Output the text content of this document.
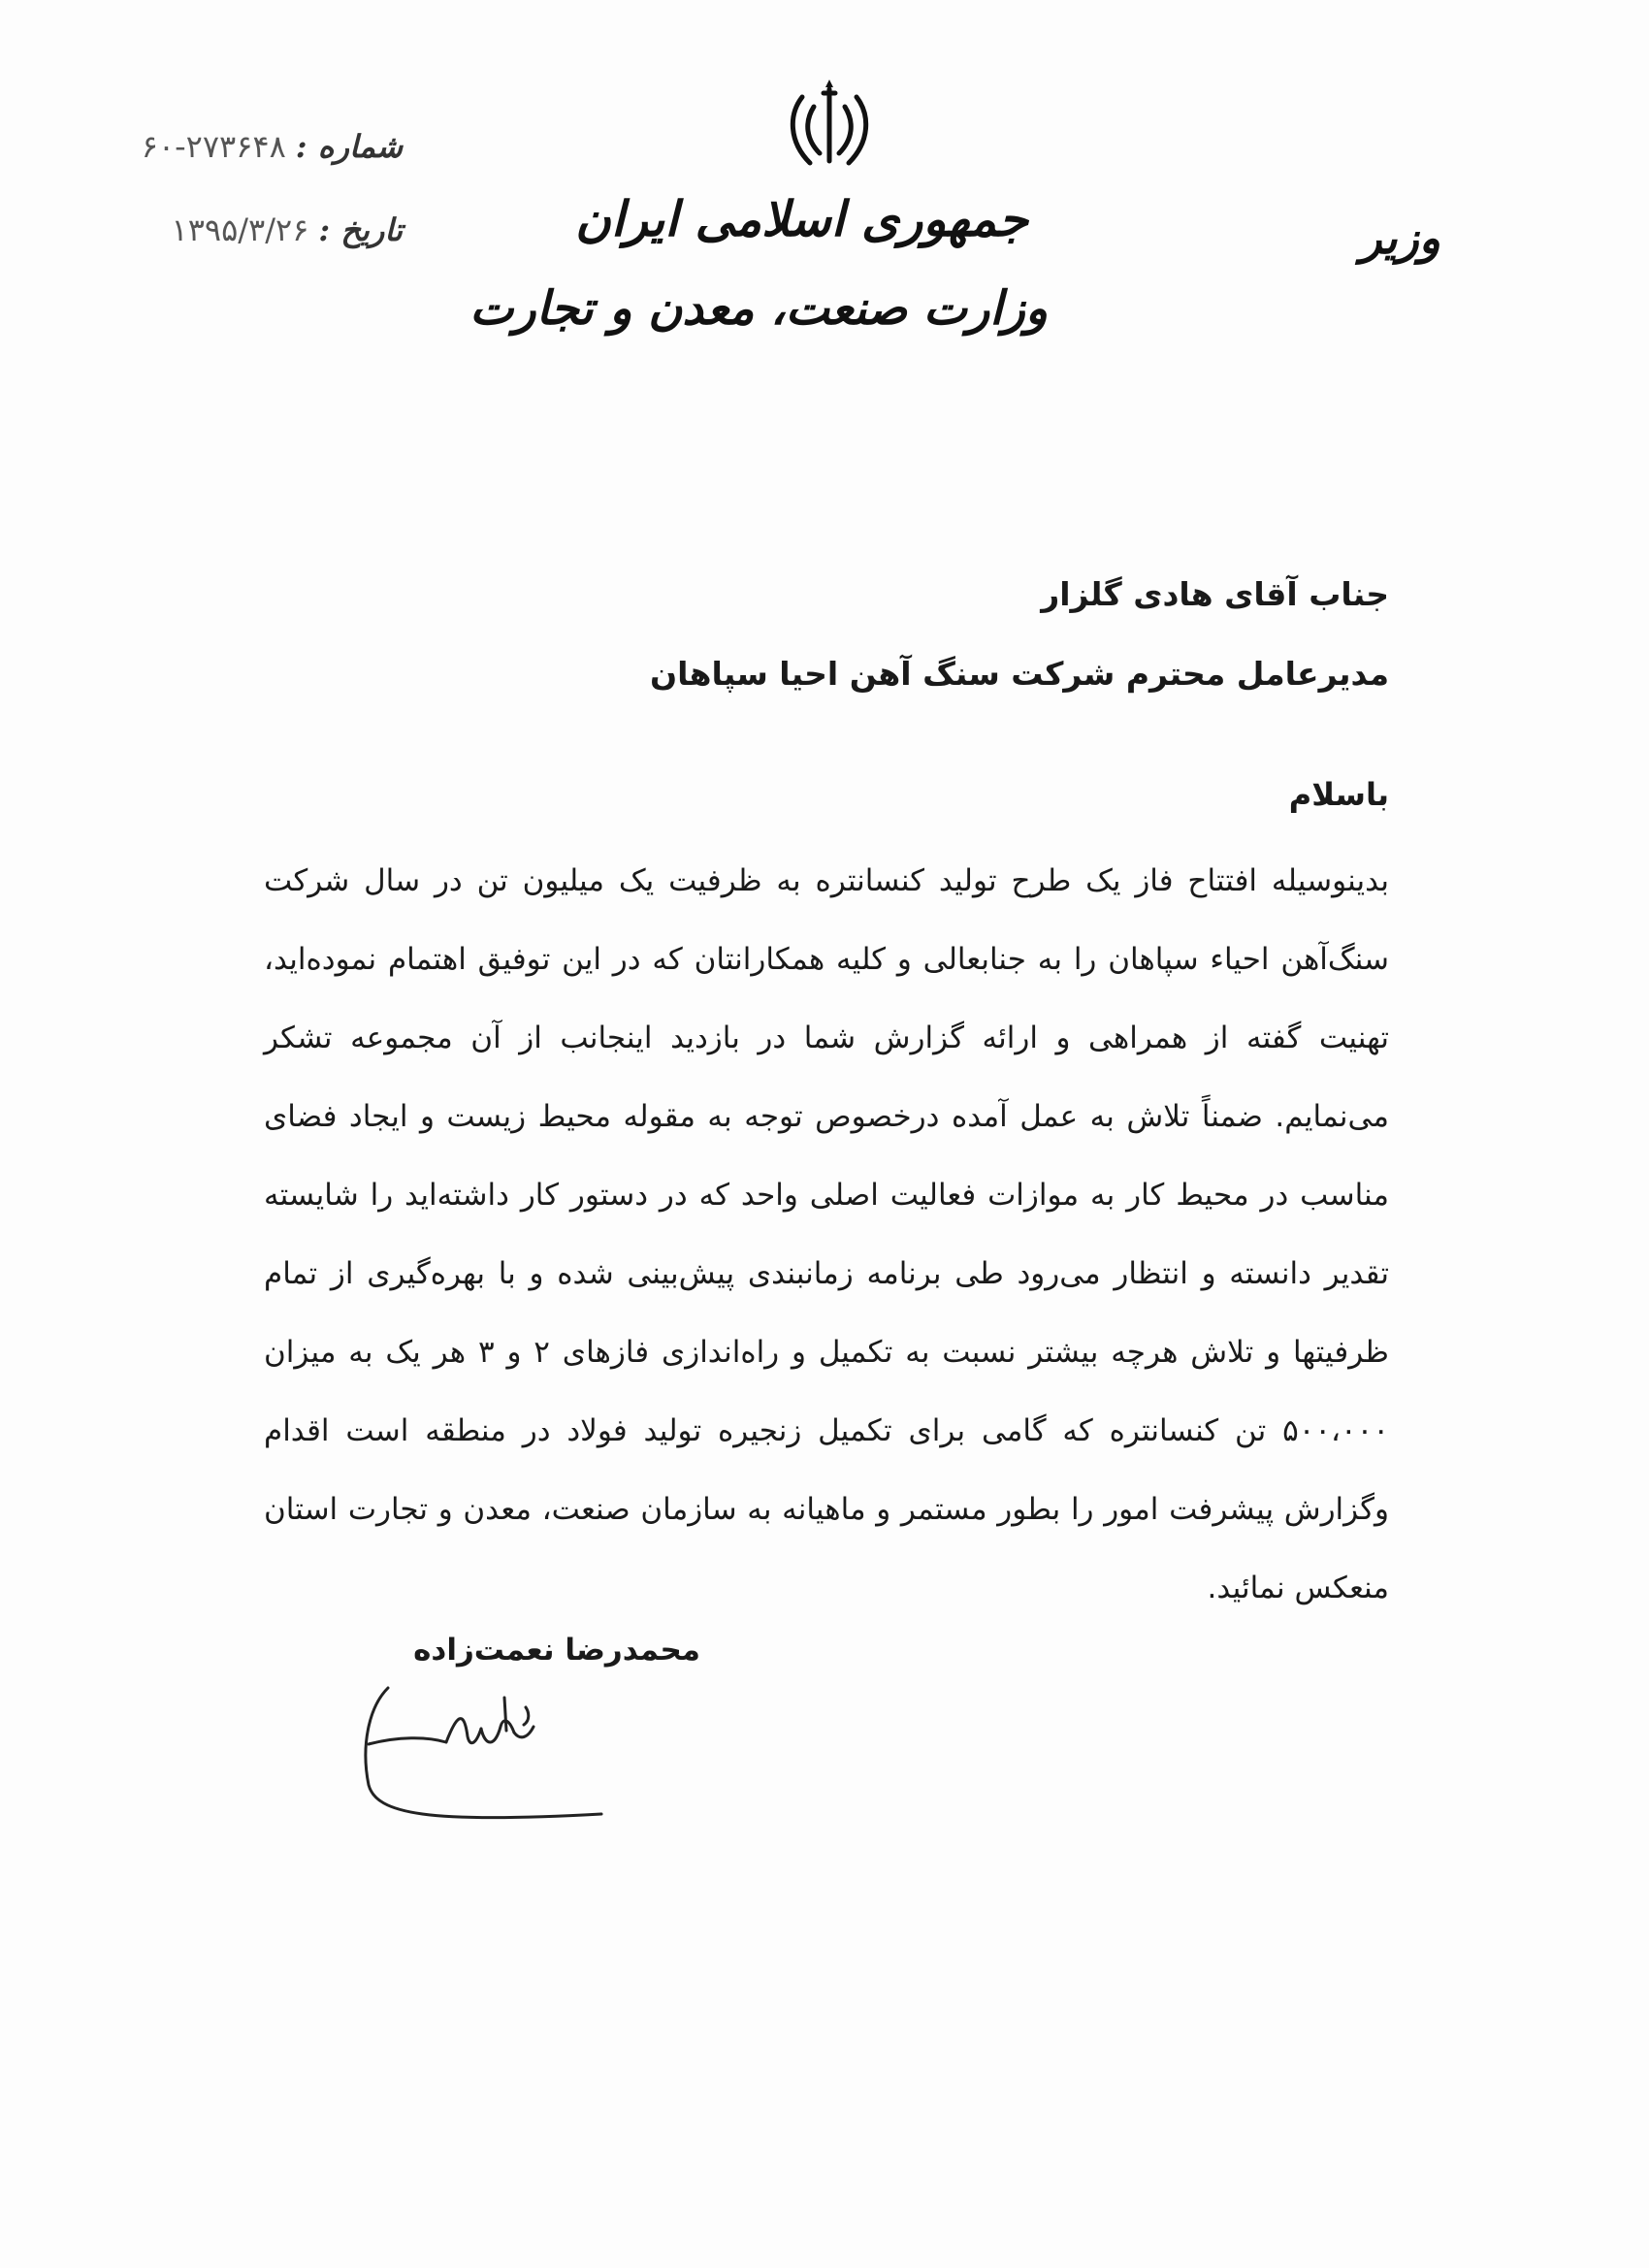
جمهوری اسلامی ایران
وزارت صنعت، معدن و تجارت
وزیر
شماره :
۶۰-۲۷۳۶۴۸
تاریخ :
۱۳۹۵/۳/۲۶
جناب آقای هادی گلزار
مدیرعامل محترم شرکت سنگ آهن احیا سپاهان
باسلام

بدینوسیله افتتاح فاز یک طرح تولید کنسانتره به ظرفیت یک میلیون تن در سال شرکت سنگ‌آهن احیاء سپاهان را به جنابعالی و کلیه همکارانتان که در این توفیق اهتمام نموده‌اید، تهنیت گفته از همراهی و ارائه گزارش شما در بازدید اینجانب از آن مجموعه تشکر می‌نمایم. ضمناً تلاش به عمل آمده درخصوص توجه به مقوله محیط زیست و ایجاد فضای مناسب در محیط کار به موازات فعالیت اصلی واحد که در دستور کار داشته‌اید را شایسته تقدیر دانسته و انتظار می‌رود طی برنامه زمانبندی پیش‌بینی شده و با بهره‌گیری از تمام ظرفیتها و تلاش هرچه بیشتر نسبت به تکمیل و راه‌اندازی فازهای ۲ و ۳ هر یک به میزان ۵۰۰،۰۰۰ تن کنسانتره که گامی برای تکمیل زنجیره تولید فولاد در منطقه است اقدام وگزارش پیشرفت امور را بطور مستمر و ماهیانه به سازمان صنعت، معدن و تجارت استان منعکس نمائید.

محمدرضا نعمت‌زاده
